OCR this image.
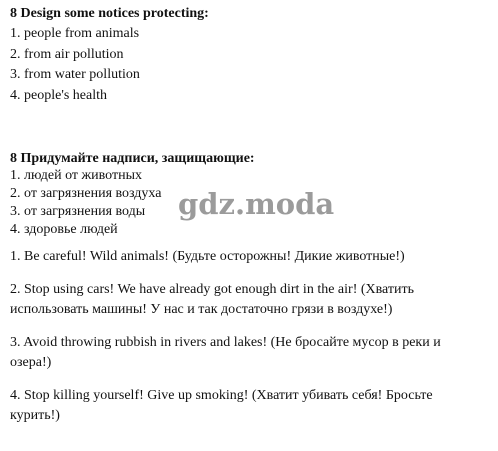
8 Design some notices protecting:
1. people from animals
2. from air pollution
3. from water pollution
4. people's health
8 Придумайте надписи, защищающие:
1. людей от животных
2. от загрязнения воздуха
3. от загрязнения воды
4. здоровье людей
gdz.moda

1. Be careful! Wild animals! (Будьте осторожны! Дикие животные!)

2. Stop using cars! We have already got enough dirt in the air! (Хватить
использовать машины! У нас и так достаточно грязи в воздухе!)

3. Avoid throwing rubbish in rivers and lakes! (Не бросайте мусор в реки и
озера!)

4. Stop killing yourself! Give up smoking! (Хватит убивать себя! Бросьте
курить!)
